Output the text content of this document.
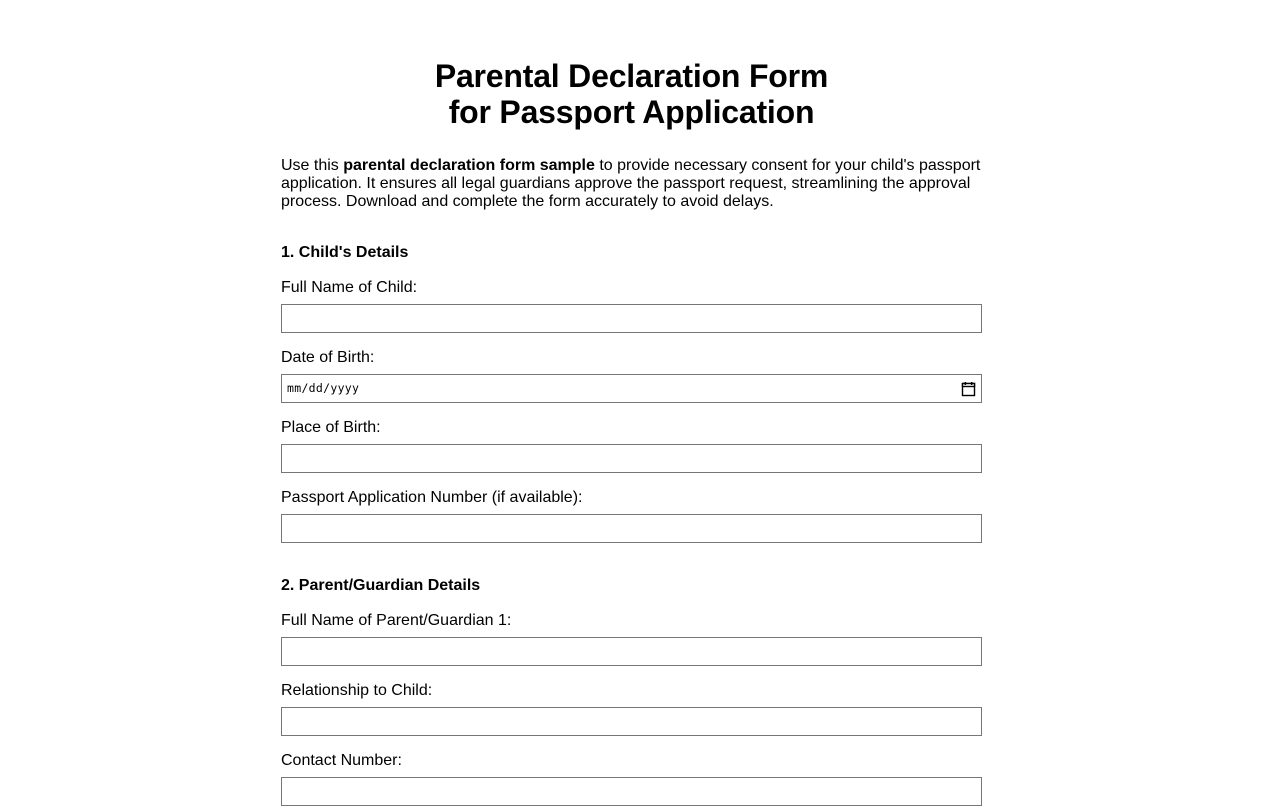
Parental Declaration Form
for Passport Application

Use this parental declaration form sample to provide necessary consent for your child's passport application. It ensures all legal guardians approve the passport request, streamlining the approval process. Download and complete the form accurately to avoid delays.

1. Child's Details
Full Name of Child:
Date of Birth:
mm/dd/yyyy
Place of Birth:
Passport Application Number (if available):
2. Parent/Guardian Details
Full Name of Parent/Guardian 1:
Relationship to Child:
Contact Number:
